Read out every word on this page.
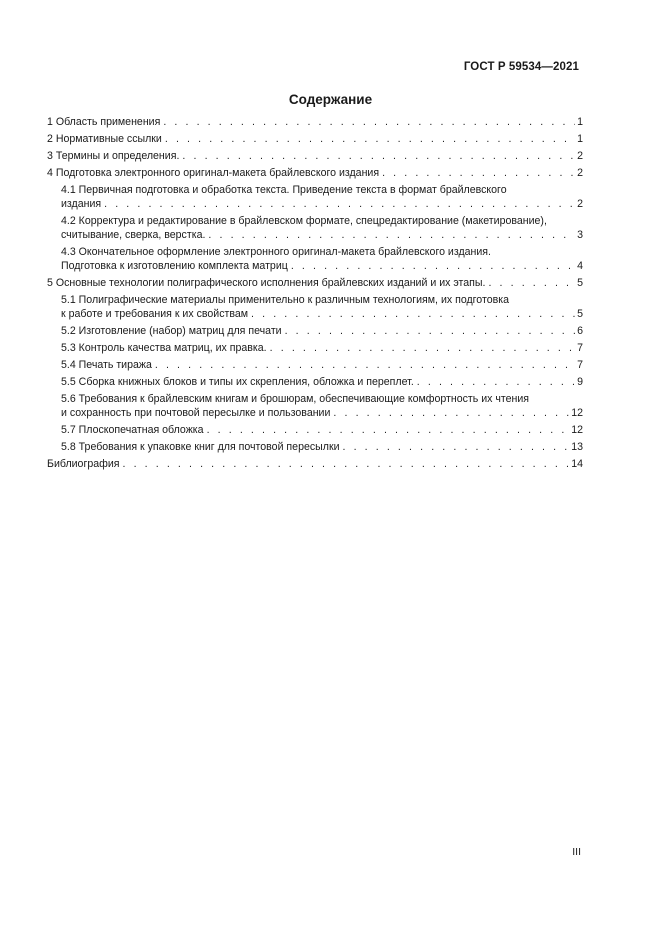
ГОСТ Р 59534—2021
Содержание
1 Область применения . . .	1
2 Нормативные ссылки . . .	1
3 Термины и определения. . . .	2
4 Подготовка электронного оригинал-макета брайлевского издания . . .	2
4.1 Первичная подготовка и обработка текста. Приведение текста в формат брайлевского
издания . . .	2
4.2 Корректура и редактирование в брайлевском формате, спецредактирование (макетирование),
считывание, сверка, верстка. . . .	3
4.3 Окончательное оформление электронного оригинал-макета брайлевского издания.
Подготовка к изготовлению комплекта матриц . . .	4
5 Основные технологии полиграфического исполнения брайлевских изданий и их этапы. . . .	5
5.1 Полиграфические материалы применительно к различным технологиям, их подготовка
к работе и требования к их свойствам . . .	5
5.2 Изготовление (набор) матриц для печати . . .	6
5.3 Контроль качества матриц, их правка. . . .	7
5.4 Печать тиража . . .	7
5.5 Сборка книжных блоков и типы их скрепления, обложка и переплет. . . .	9
5.6 Требования к брайлевским книгам и брошюрам, обеспечивающие комфортность их чтения
и сохранность при почтовой пересылке и пользовании . . .	12
5.7 Плоскопечатная обложка . . .	12
5.8 Требования к упаковке книг для почтовой пересылки . . .	13
Библиография . . .	14
III
